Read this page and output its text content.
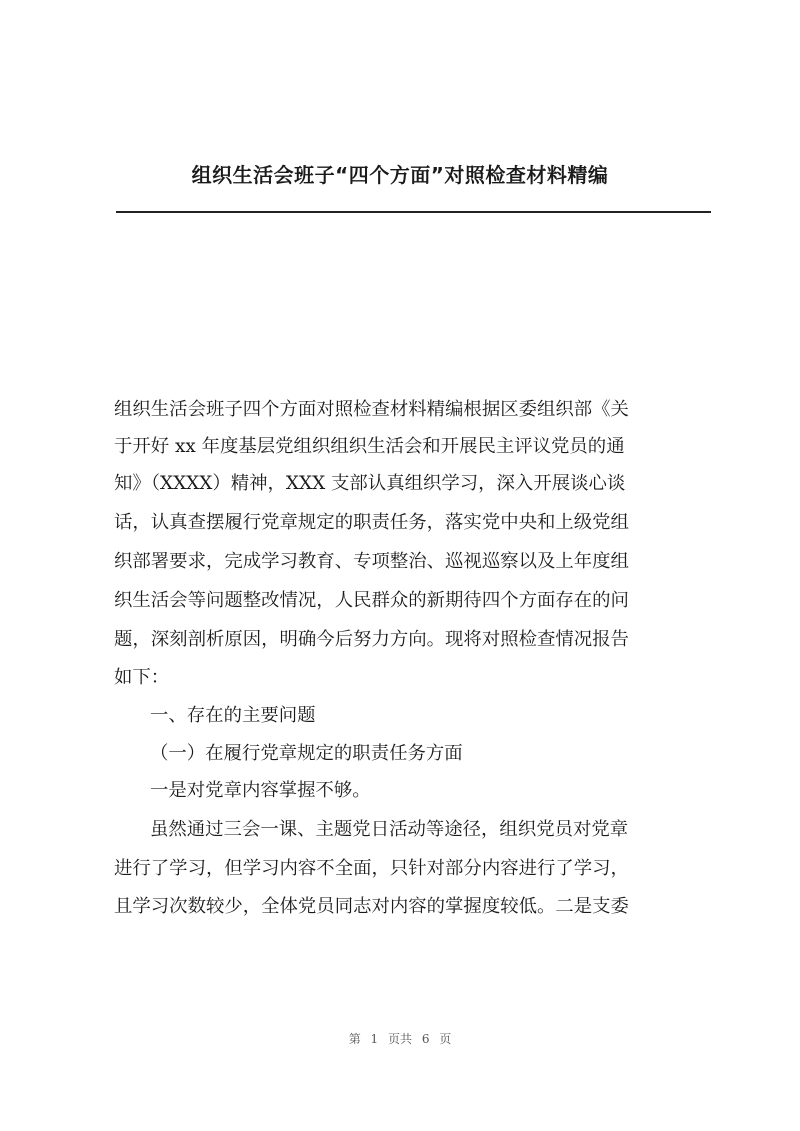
组织生活会班子“四个方面”对照检查材料精编

组织生活会班子四个方面对照检查材料精编根据区委组织部《关

于开好 xx 年度基层党组织组织生活会和开展民主评议党员的通

知》（XXXX）精神，XXX 支部认真组织学习，深入开展谈心谈

话，认真查摆履行党章规定的职责任务，落实党中央和上级党组

织部署要求，完成学习教育、专项整治、巡视巡察以及上年度组

织生活会等问题整改情况，人民群众的新期待四个方面存在的问

题，深刻剖析原因，明确今后努力方向。现将对照检查情况报告

如下：

一、存在的主要问题

（一）在履行党章规定的职责任务方面

一是对党章内容掌握不够。

虽然通过三会一课、主题党日活动等途径，组织党员对党章

进行了学习，但学习内容不全面，只针对部分内容进行了学习，

且学习次数较少，全体党员同志对内容的掌握度较低。二是支委

第 1 页共 6 页
